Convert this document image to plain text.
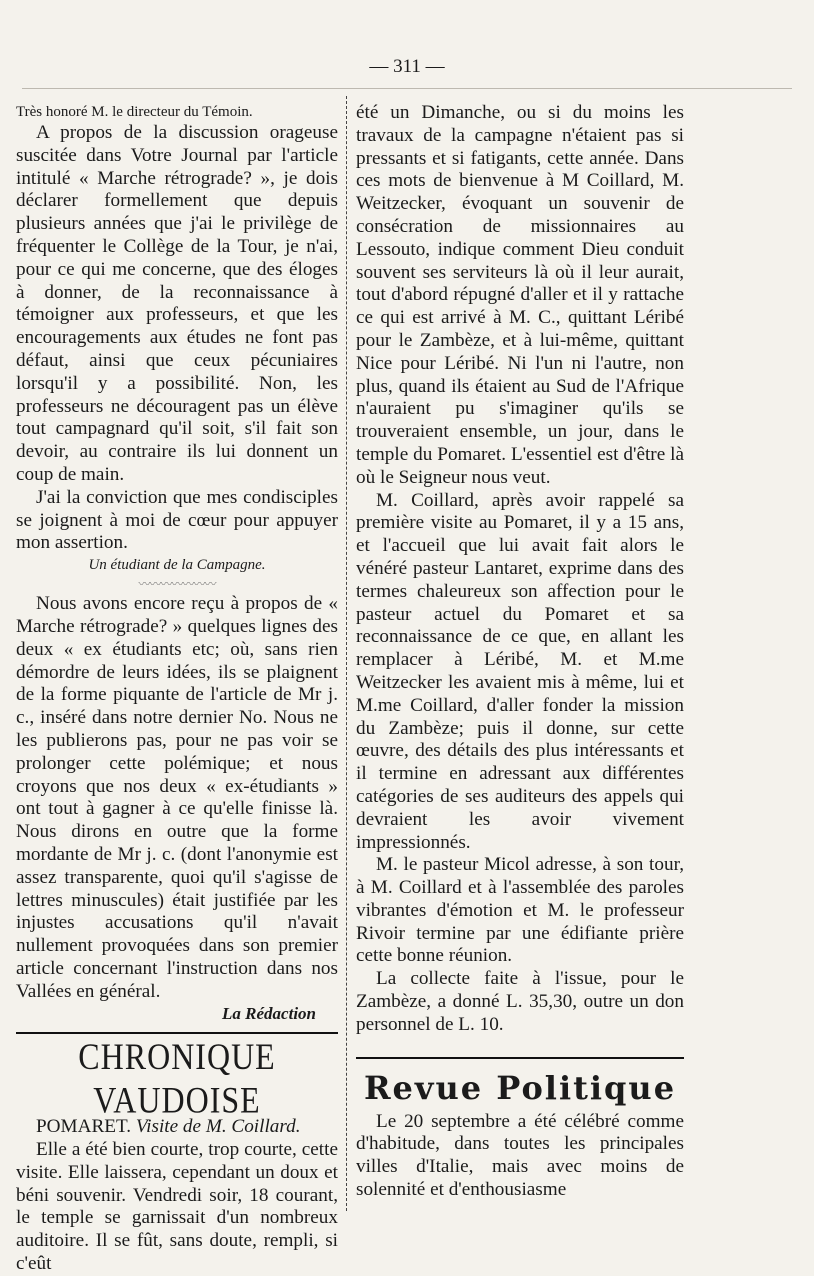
— 311 —

Très honoré M. le directeur du Témoin.

A propos de la discussion orageuse suscitée dans Votre Journal par l'article intitulé « Marche rétrograde? », je dois déclarer formellement que depuis plusieurs années que j'ai le privilège de fréquenter le Collège de la Tour, je n'ai, pour ce qui me concerne, que des éloges à donner, de la reconnaissance à témoigner aux professeurs, et que les encouragements aux études ne font pas défaut, ainsi que ceux pécuniaires lorsqu'il y a possibilité. Non, les professeurs ne découragent pas un élève tout campagnard qu'il soit, s'il fait son devoir, au contraire ils lui donnent un coup de main.

J'ai la conviction que mes condisciples se joignent à moi de cœur pour appuyer mon assertion.

Un étudiant de la Campagne.

〰〰〰〰〰〰〰

Nous avons encore reçu à propos de « Marche rétrograde? » quelques lignes des deux « ex étudiants etc; où, sans rien démordre de leurs idées, ils se plaignent de la forme piquante de l'article de Mr j. c., inséré dans notre dernier No. Nous ne les publierons pas, pour ne pas voir se prolonger cette polémique; et nous croyons que nos deux « ex-étudiants » ont tout à gagner à ce qu'elle finisse là. Nous dirons en outre que la forme mordante de Mr j. c. (dont l'anonymie est assez transparente, quoi qu'il s'agisse de lettres minuscules) était justifiée par les injustes accusations qu'il n'avait nullement provoquées dans son premier article concernant l'instruction dans nos Vallées en général.

La Rédaction

CHRONIQUE VAUDOISE

POMARET. Visite de M. Coillard.

Elle a été bien courte, trop courte, cette visite. Elle laissera, cependant un doux et béni souvenir. Vendredi soir, 18 courant, le temple se garnissait d'un nombreux auditoire. Il se fût, sans doute, rempli, si c'eût

été un Dimanche, ou si du moins les travaux de la campagne n'étaient pas si pressants et si fatigants, cette année. Dans ces mots de bienvenue à M Coillard, M. Weitzecker, évoquant un souvenir de consécration de missionnaires au Lessouto, indique comment Dieu conduit souvent ses serviteurs là où il leur aurait, tout d'abord répugné d'aller et il y rattache ce qui est arrivé à M. C., quittant Léribé pour le Zambèze, et à lui-même, quittant Nice pour Léribé. Ni l'un ni l'autre, non plus, quand ils étaient au Sud de l'Afrique n'auraient pu s'imaginer qu'ils se trouveraient ensemble, un jour, dans le temple du Pomaret. L'essentiel est d'être là où le Seigneur nous veut.

M. Coillard, après avoir rappelé sa première visite au Pomaret, il y a 15 ans, et l'accueil que lui avait fait alors le vénéré pasteur Lantaret, exprime dans des termes chaleureux son affection pour le pasteur actuel du Pomaret et sa reconnaissance de ce que, en allant les remplacer à Léribé, M. et M.me Weitzecker les avaient mis à même, lui et M.me Coillard, d'aller fonder la mission du Zambèze; puis il donne, sur cette œuvre, des détails des plus intéressants et il termine en adressant aux différentes catégories de ses auditeurs des appels qui devraient les avoir vivement impressionnés.

M. le pasteur Micol adresse, à son tour, à M. Coillard et à l'assemblée des paroles vibrantes d'émotion et M. le professeur Rivoir termine par une édifiante prière cette bonne réunion.

La collecte faite à l'issue, pour le Zambèze, a donné L. 35,30, outre un don personnel de L. 10.

Revue Politique

Le 20 septembre a été célébré comme d'habitude, dans toutes les principales villes d'Italie, mais avec moins de solennité et d'enthousiasme
